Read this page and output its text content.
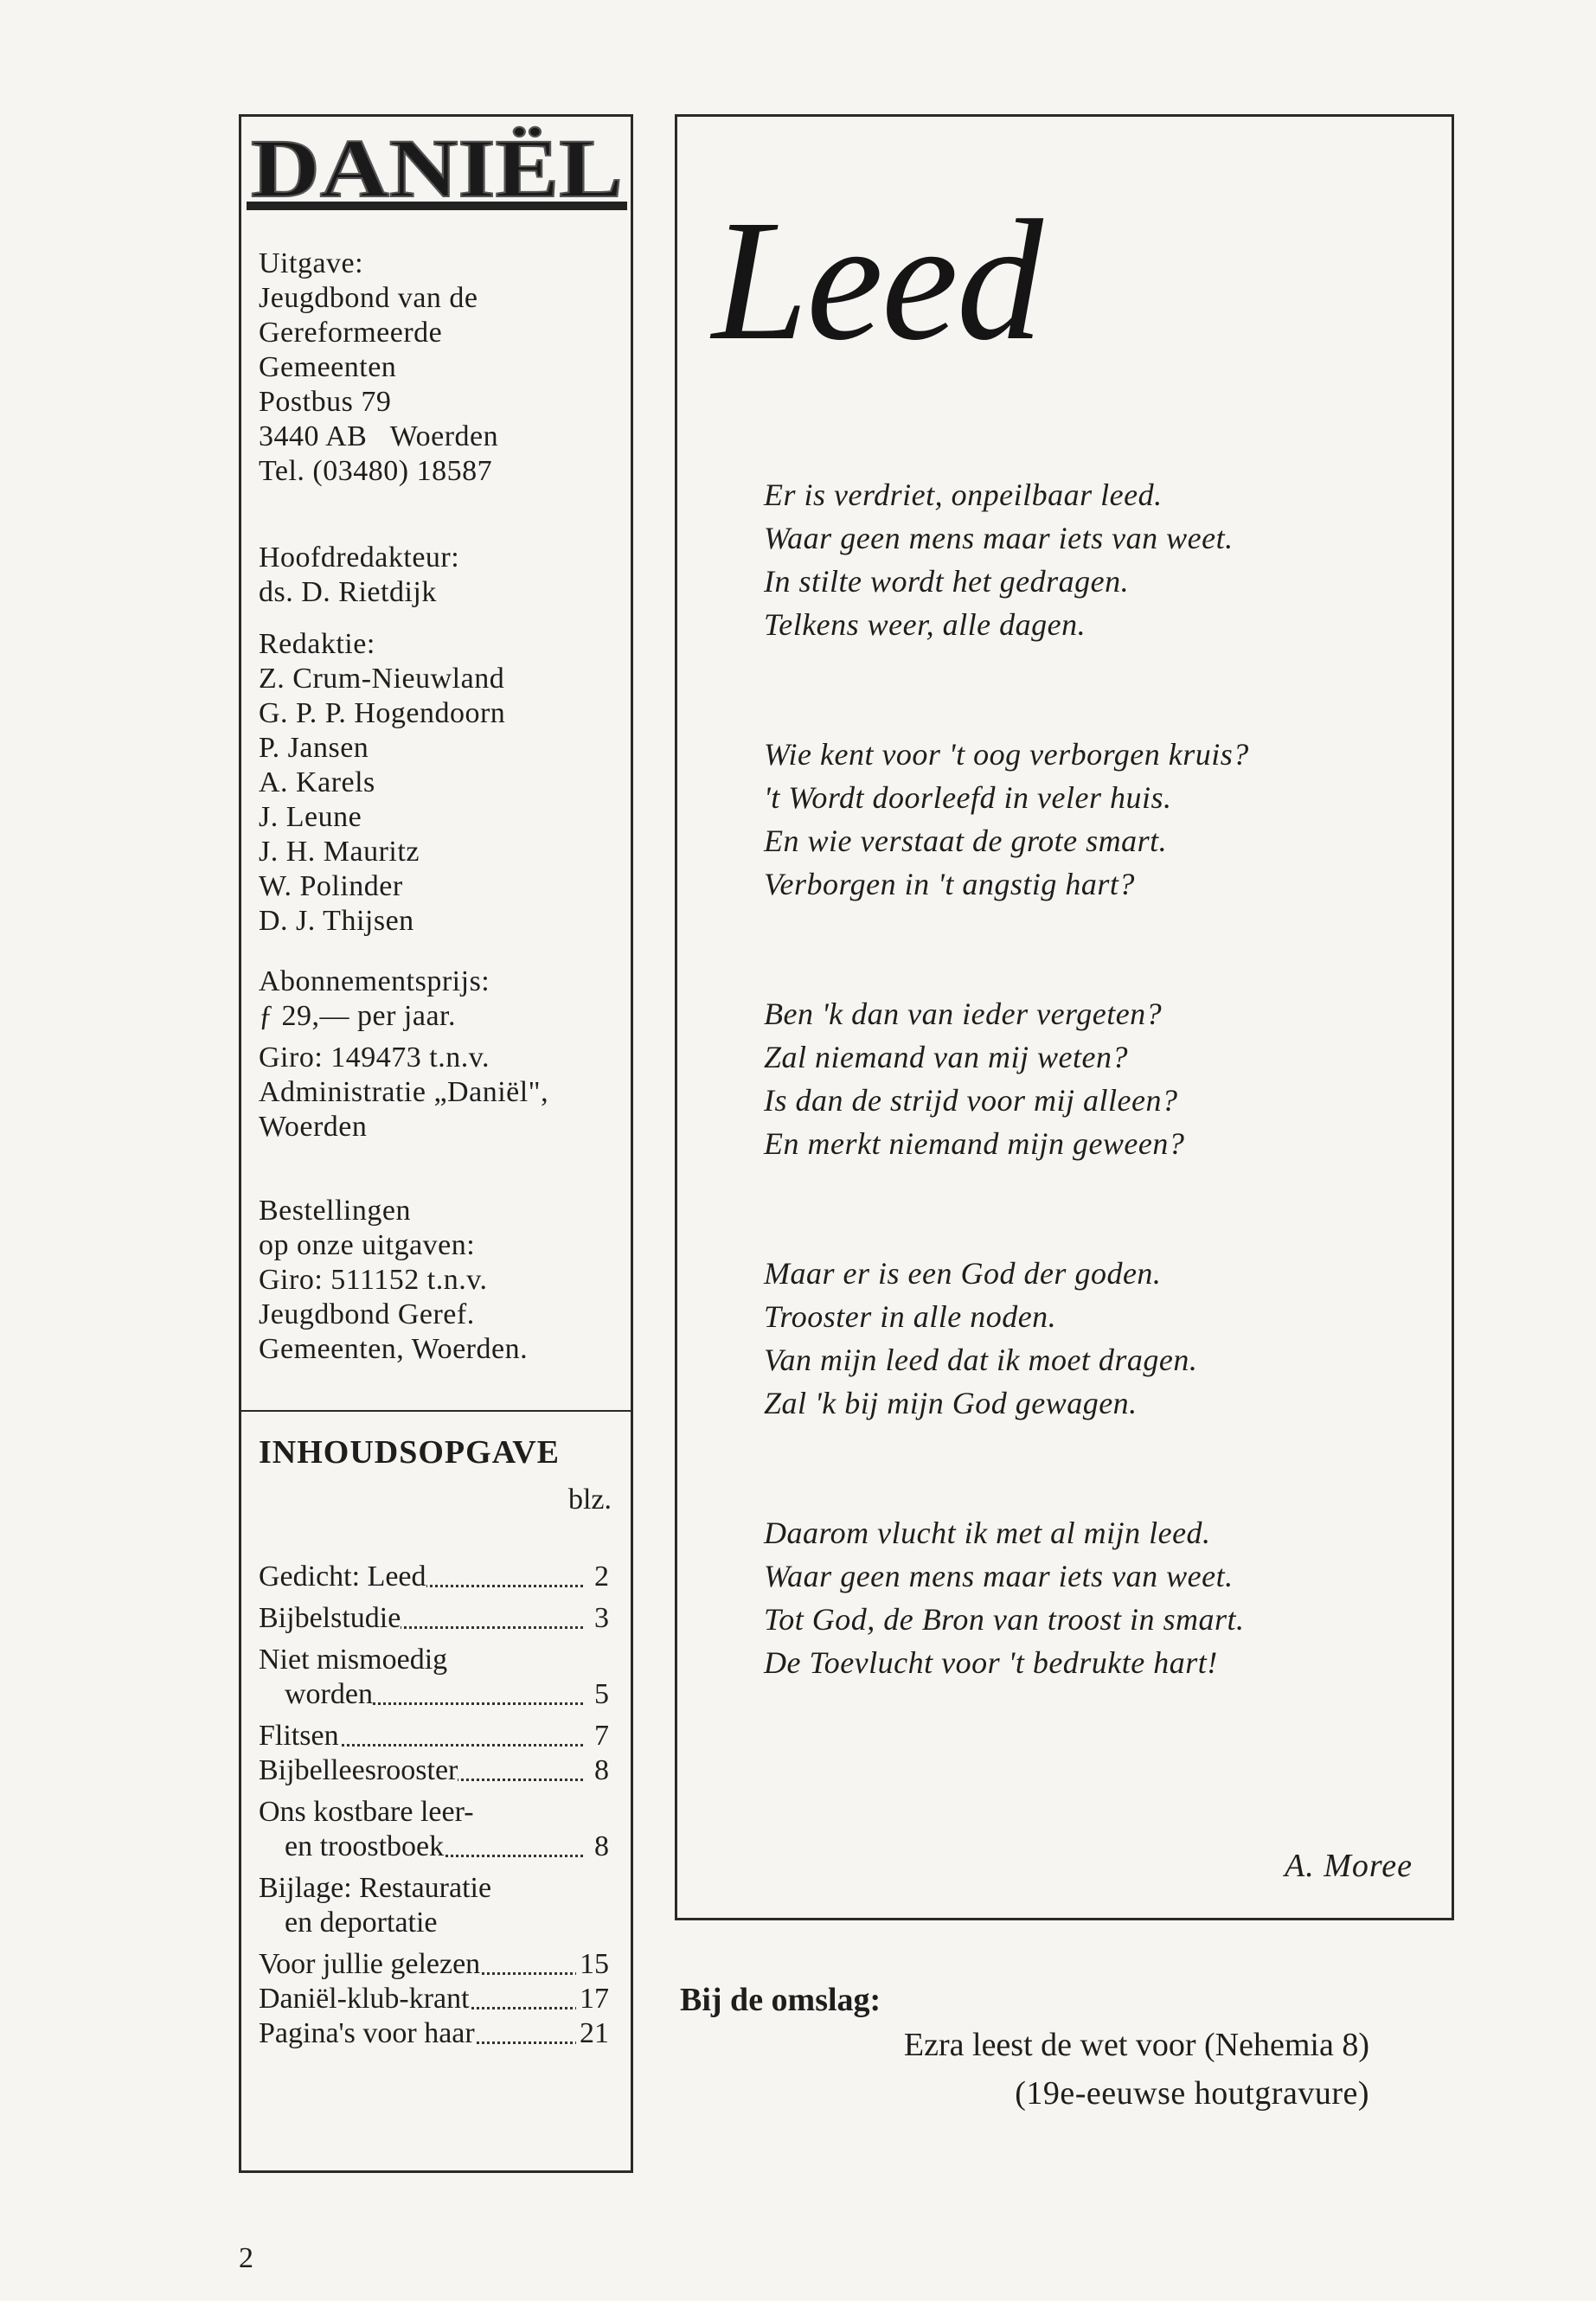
DANIËL
Uitgave:
Jeugdbond van de
Gereformeerde
Gemeenten
Postbus 79
3440 AB   Woerden
Tel. (03480) 18587
Hoofdredakteur:
ds. D. Rietdijk
Redaktie:
Z. Crum-Nieuwland
G. P. P. Hogendoorn
P. Jansen
A. Karels
J. Leune
J. H. Mauritz
W. Polinder
D. J. Thijsen
Abonnementsprijs:
ƒ 29,— per jaar.
Giro: 149473 t.n.v.
Administratie „Daniël",
Woerden
Bestellingen
op onze uitgaven:
Giro: 511152 t.n.v.
Jeugdbond Geref.
Gemeenten, Woerden.
INHOUDSOPGAVE
blz.
Gedicht: Leed	2
Bijbelstudie	3
Niet mismoedig
worden	5
Flitsen	7
Bijbelleesrooster	8
Ons kostbare leer-
en troostboek	8
Bijlage: Restauratie
en deportatie
Voor jullie gelezen	15
Daniël-klub-krant	17
Pagina's voor haar	21
Leed
Er is verdriet, onpeilbaar leed.
Waar geen mens maar iets van weet.
In stilte wordt het gedragen.
Telkens weer, alle dagen.
Wie kent voor 't oog verborgen kruis?
't Wordt doorleefd in veler huis.
En wie verstaat de grote smart.
Verborgen in 't angstig hart?
Ben 'k dan van ieder vergeten?
Zal niemand van mij weten?
Is dan de strijd voor mij alleen?
En merkt niemand mijn geween?
Maar er is een God der goden.
Trooster in alle noden.
Van mijn leed dat ik moet dragen.
Zal 'k bij mijn God gewagen.
Daarom vlucht ik met al mijn leed.
Waar geen mens maar iets van weet.
Tot God, de Bron van troost in smart.
De Toevlucht voor 't bedrukte hart!
A. Moree
Bij de omslag:
Ezra leest de wet voor (Nehemia 8)
(19e-eeuwse houtgravure)
2
